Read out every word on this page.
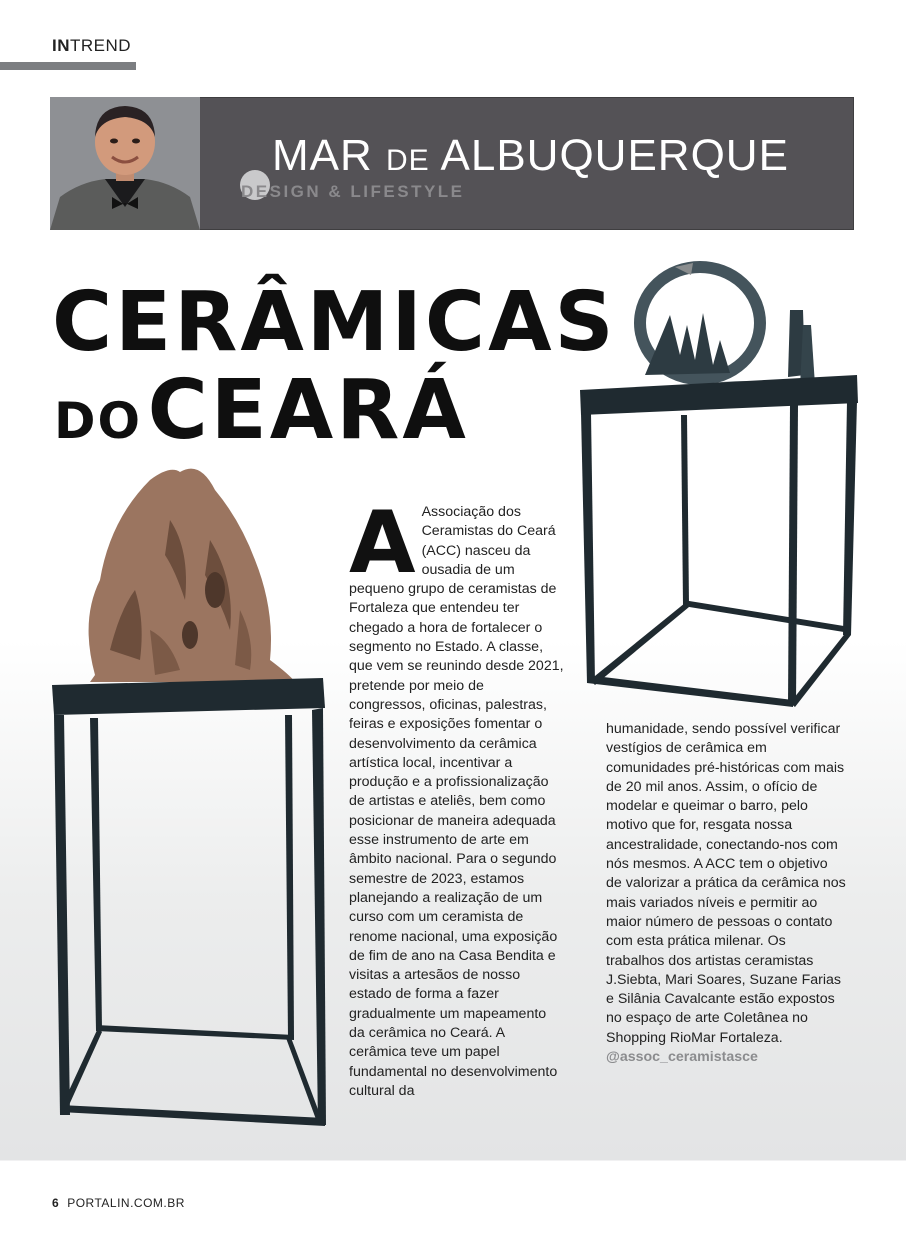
INTREND
MAR DE ALBUQUERQUE
DESIGN & LIFESTYLE
CERÂMICAS
DO CEARÁ
A Associação dos Ceramistas do Ceará (ACC) nasceu da ousadia de um pequeno grupo de ceramistas de Fortaleza que entendeu ter chegado a hora de fortalecer o segmento no Estado. A classe, que vem se reunindo desde 2021, pretende por meio de congressos, oficinas, palestras, feiras e exposições fomentar o desenvolvimento da cerâmica artística local, incentivar a produção e a profissionalização de artistas e ateliês, bem como posicionar de maneira adequada esse instrumento de arte em âmbito nacional. Para o segundo semestre de 2023, estamos planejando a realização de um curso com um ceramista de renome nacional, uma exposição de fim de ano na Casa Bendita e visitas a artesãos de nosso estado de forma a fazer gradualmente um mapeamento da cerâmica no Ceará. A cerâmica teve um papel fundamental no desenvolvimento cultural da
humanidade, sendo possível verificar vestígios de cerâmica em comunidades pré-históricas com mais de 20 mil anos. Assim, o ofício de modelar e queimar o barro, pelo motivo que for, resgata nossa ancestralidade, conectando-nos com nós mesmos. A ACC tem o objetivo de valorizar a prática da cerâmica nos mais variados níveis e permitir ao maior número de pessoas o contato com esta prática milenar. Os trabalhos dos artistas ceramistas J.Siebta, Mari Soares, Suzane Farias e Silânia Cavalcante estão expostos no espaço de arte Coletânea no Shopping RioMar Fortaleza.
@assoc_ceramistasce
6 PORTALIN.COM.BR
